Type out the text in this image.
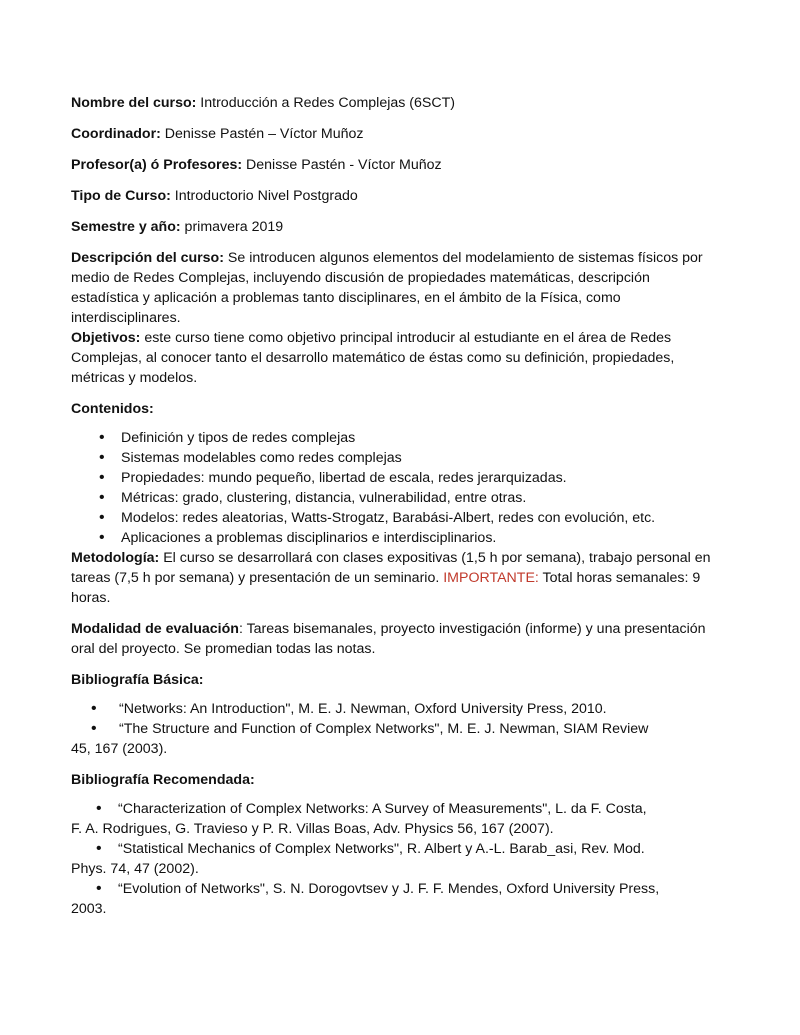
Nombre del curso: Introducción a Redes Complejas (6SCT)

Coordinador: Denisse Pastén – Víctor Muñoz

Profesor(a) ó Profesores: Denisse Pastén - Víctor Muñoz

Tipo de Curso: Introductorio Nivel Postgrado

Semestre y año: primavera 2019

Descripción del curso: Se introducen algunos elementos del modelamiento de sistemas físicos por medio de Redes Complejas, incluyendo discusión de propiedades matemáticas, descripción estadística y aplicación a problemas tanto disciplinares, en el ámbito de la Física, como interdisciplinares.

Objetivos: este curso tiene como objetivo principal introducir al estudiante en el área de Redes Complejas, al conocer tanto el desarrollo matemático de éstas como su definición, propiedades, métricas y modelos.

Contenidos:

• Definición y tipos de redes complejas
• Sistemas modelables como redes complejas
• Propiedades: mundo pequeño, libertad de escala, redes jerarquizadas.
• Métricas: grado, clustering, distancia, vulnerabilidad, entre otras.
• Modelos: redes aleatorias, Watts-Strogatz, Barabási-Albert, redes con evolución, etc.
• Aplicaciones a problemas disciplinarios e interdisciplinarios.

Metodología: El curso se desarrollará con clases expositivas (1,5 h por semana), trabajo personal en tareas (7,5 h por semana) y presentación de un seminario. IMPORTANTE: Total horas semanales: 9 horas.

Modalidad de evaluación: Tareas bisemanales, proyecto investigación (informe) y una presentación oral del proyecto. Se promedian todas las notas.

Bibliografía Básica:

•	“Networks: An Introduction", M. E. J. Newman, Oxford University Press, 2010.
•	“The Structure and Function of Complex Networks", M. E. J. Newman, SIAM Review
45, 167 (2003).

Bibliografía Recomendada:

•	“Characterization of Complex Networks: A Survey of Measurements", L. da F. Costa,
F. A. Rodrigues, G. Travieso y P. R. Villas Boas, Adv. Physics 56, 167 (2007).
•	“Statistical Mechanics of Complex Networks", R. Albert y A.-L. Barab_asi, Rev. Mod.
Phys. 74, 47 (2002).
•	“Evolution of Networks", S. N. Dorogovtsev y J. F. F. Mendes, Oxford University Press,
2003.
